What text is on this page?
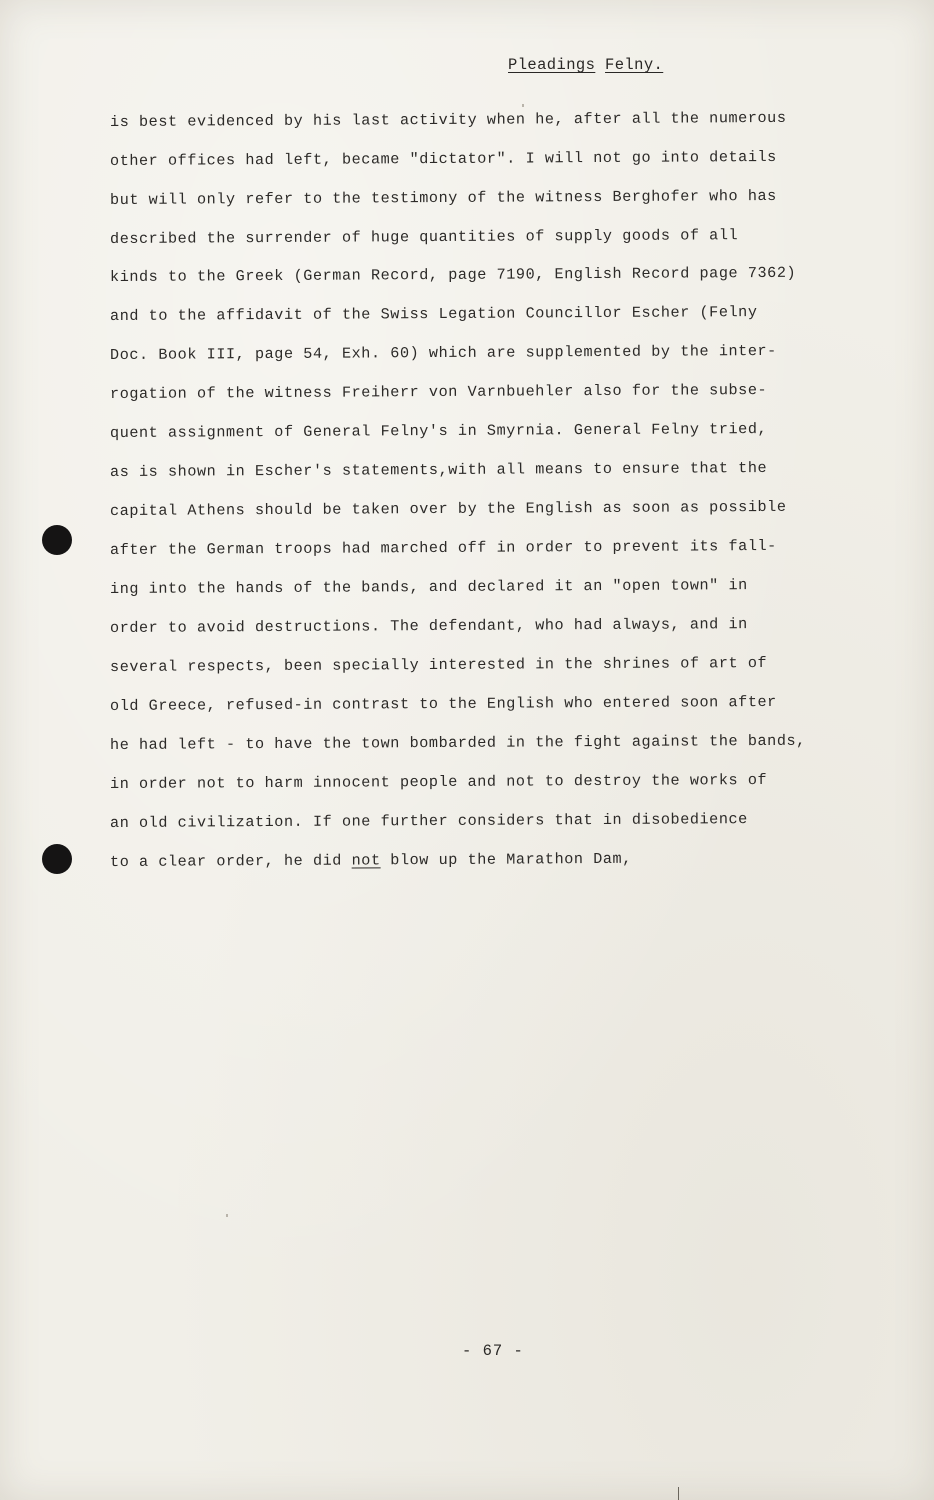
Pleadings Felny.
is best evidenced by his last activity when he, after all the numerous
other offices had left, became "dictator". I will not go into details
but will only refer to the testimony of the witness Berghofer who has
described the surrender of huge quantities of supply goods of all
kinds to the Greek (German Record, page 7190, English Record page 7362)
and to the affidavit of the Swiss Legation Councillor Escher (Felny
Doc. Book III, page 54, Exh. 60) which are supplemented by the inter-
rogation of the witness Freiherr von Varnbuehler also for the subse-
quent assignment of General Felny's in Smyrnia. General Felny tried,
as is shown in Escher's statements,with all means to ensure that the
capital Athens should be taken over by the English as soon as possible
after the German troops had marched off in order to prevent its fall-
ing into the hands of the bands, and declared it an "open town" in
order to avoid destructions. The defendant, who had always, and in
several respects, been specially interested in the shrines of art of
old Greece, refused-in contrast to the English who entered soon after
he had left - to have the town bombarded in the fight against the bands,
in order not to harm innocent people and not to destroy the works of
an old civilization. If one further considers that in disobedience
to a clear order, he did not blow up the Marathon Dam,
- 67 -
